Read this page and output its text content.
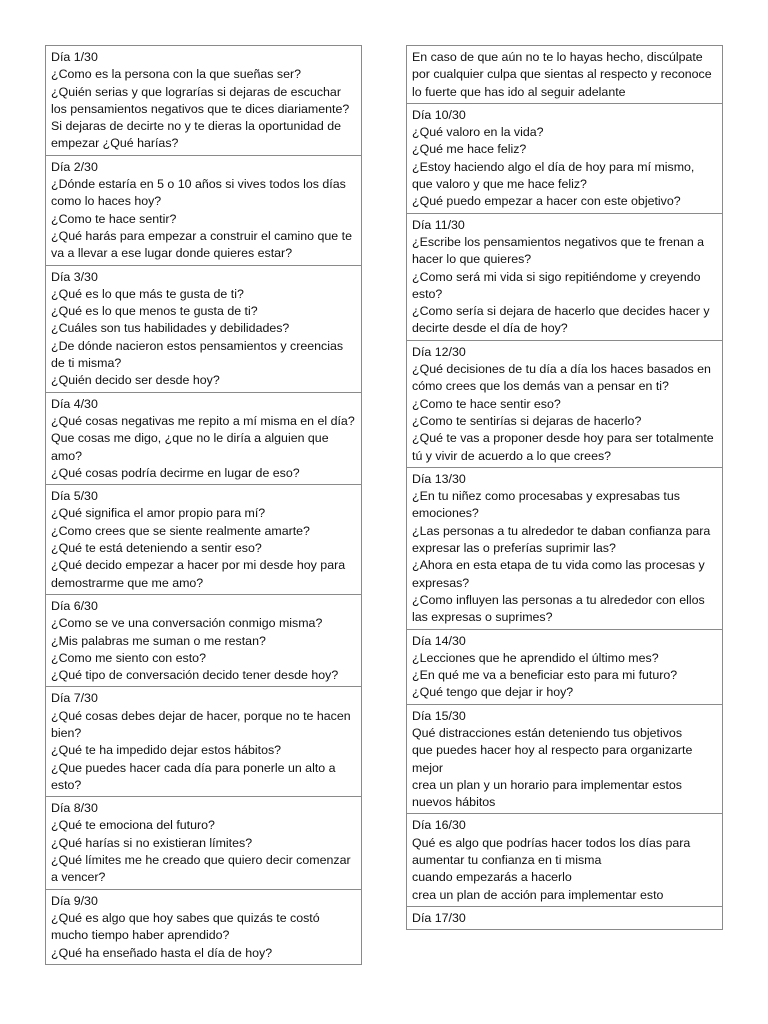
Día 1/30
¿Como es la persona con la que sueñas ser?
¿Quién serias y que lograrías si dejaras de escuchar los pensamientos negativos que te dices diariamente?
Si dejaras de decirte no y te dieras la oportunidad de empezar ¿Qué harías?
Día 2/30
¿Dónde estaría en 5 o 10 años si vives todos los días como lo haces hoy?
¿Como te hace sentir?
¿Qué harás para empezar a construir el camino que te va a llevar a ese lugar donde quieres estar?
Día 3/30
¿Qué es lo que más te gusta de ti?
¿Qué es lo que menos te gusta de ti?
¿Cuáles son tus habilidades y debilidades?
¿De dónde nacieron estos pensamientos y creencias de ti misma?
¿Quién decido ser desde hoy?
Día 4/30
¿Qué cosas negativas me repito a mí misma en el día?
Que cosas me digo, ¿que no le diría a alguien que amo?
¿Qué cosas podría decirme en lugar de eso?
Día 5/30
¿Qué significa el amor propio para mí?
¿Como crees que se siente realmente amarte?
¿Qué te está deteniendo a sentir eso?
¿Qué decido empezar a hacer por mi desde hoy para demostrarme que me amo?
Día 6/30
¿Como se ve una conversación conmigo misma?
¿Mis palabras me suman o me restan?
¿Como me siento con esto?
¿Qué tipo de conversación decido tener desde hoy?
Día 7/30
¿Qué cosas debes dejar de hacer, porque no te hacen bien?
¿Qué te ha impedido dejar estos hábitos?
¿Que puedes hacer cada día para ponerle un alto a esto?
Día 8/30
¿Qué te emociona del futuro?
¿Qué harías si no existieran límites?
¿Qué límites me he creado que quiero decir comenzar a vencer?
Día 9/30
¿Qué es algo que hoy sabes que quizás te costó mucho tiempo haber aprendido?
¿Qué ha enseñado hasta el día de hoy?
En caso de que aún no te lo hayas hecho, discúlpate por cualquier culpa que sientas al respecto y reconoce lo fuerte que has ido al seguir adelante
Día 10/30
¿Qué valoro en la vida?
¿Qué me hace feliz?
¿Estoy haciendo algo el día de hoy para mí mismo, que valoro y que me hace feliz?
¿Qué puedo empezar a hacer con este objetivo?
Día 11/30
¿Escribe los pensamientos negativos que te frenan a hacer lo que quieres?
¿Como será mi vida si sigo repitiéndome y creyendo esto?
¿Como sería si dejara de hacerlo que decides hacer y decirte desde el día de hoy?
Día 12/30
¿Qué decisiones de tu día a día los haces basados en cómo crees que los demás van a pensar en ti?
¿Como te hace sentir eso?
¿Como te sentirías si dejaras de hacerlo?
¿Qué te vas a proponer desde hoy para ser totalmente tú y vivir de acuerdo a lo que crees?
Día 13/30
¿En tu niñez como procesabas y expresabas tus emociones?
¿Las personas a tu alrededor te daban confianza para expresar las o preferías suprimir las?
¿Ahora en esta etapa de tu vida como las procesas y expresas?
¿Como influyen las personas a tu alrededor con ellos las expresas o suprimes?
Día 14/30
¿Lecciones que he aprendido el último mes?
¿En qué me va a beneficiar esto para mi futuro?
¿Qué tengo que dejar ir hoy?
Día 15/30
Qué distracciones están deteniendo tus objetivos
que puedes hacer hoy al respecto para organizarte mejor
crea un plan y un horario para implementar estos nuevos hábitos
Día 16/30
Qué es algo que podrías hacer todos los días para aumentar tu confianza en ti misma
cuando empezarás a hacerlo
crea un plan de acción para implementar esto
Día 17/30
